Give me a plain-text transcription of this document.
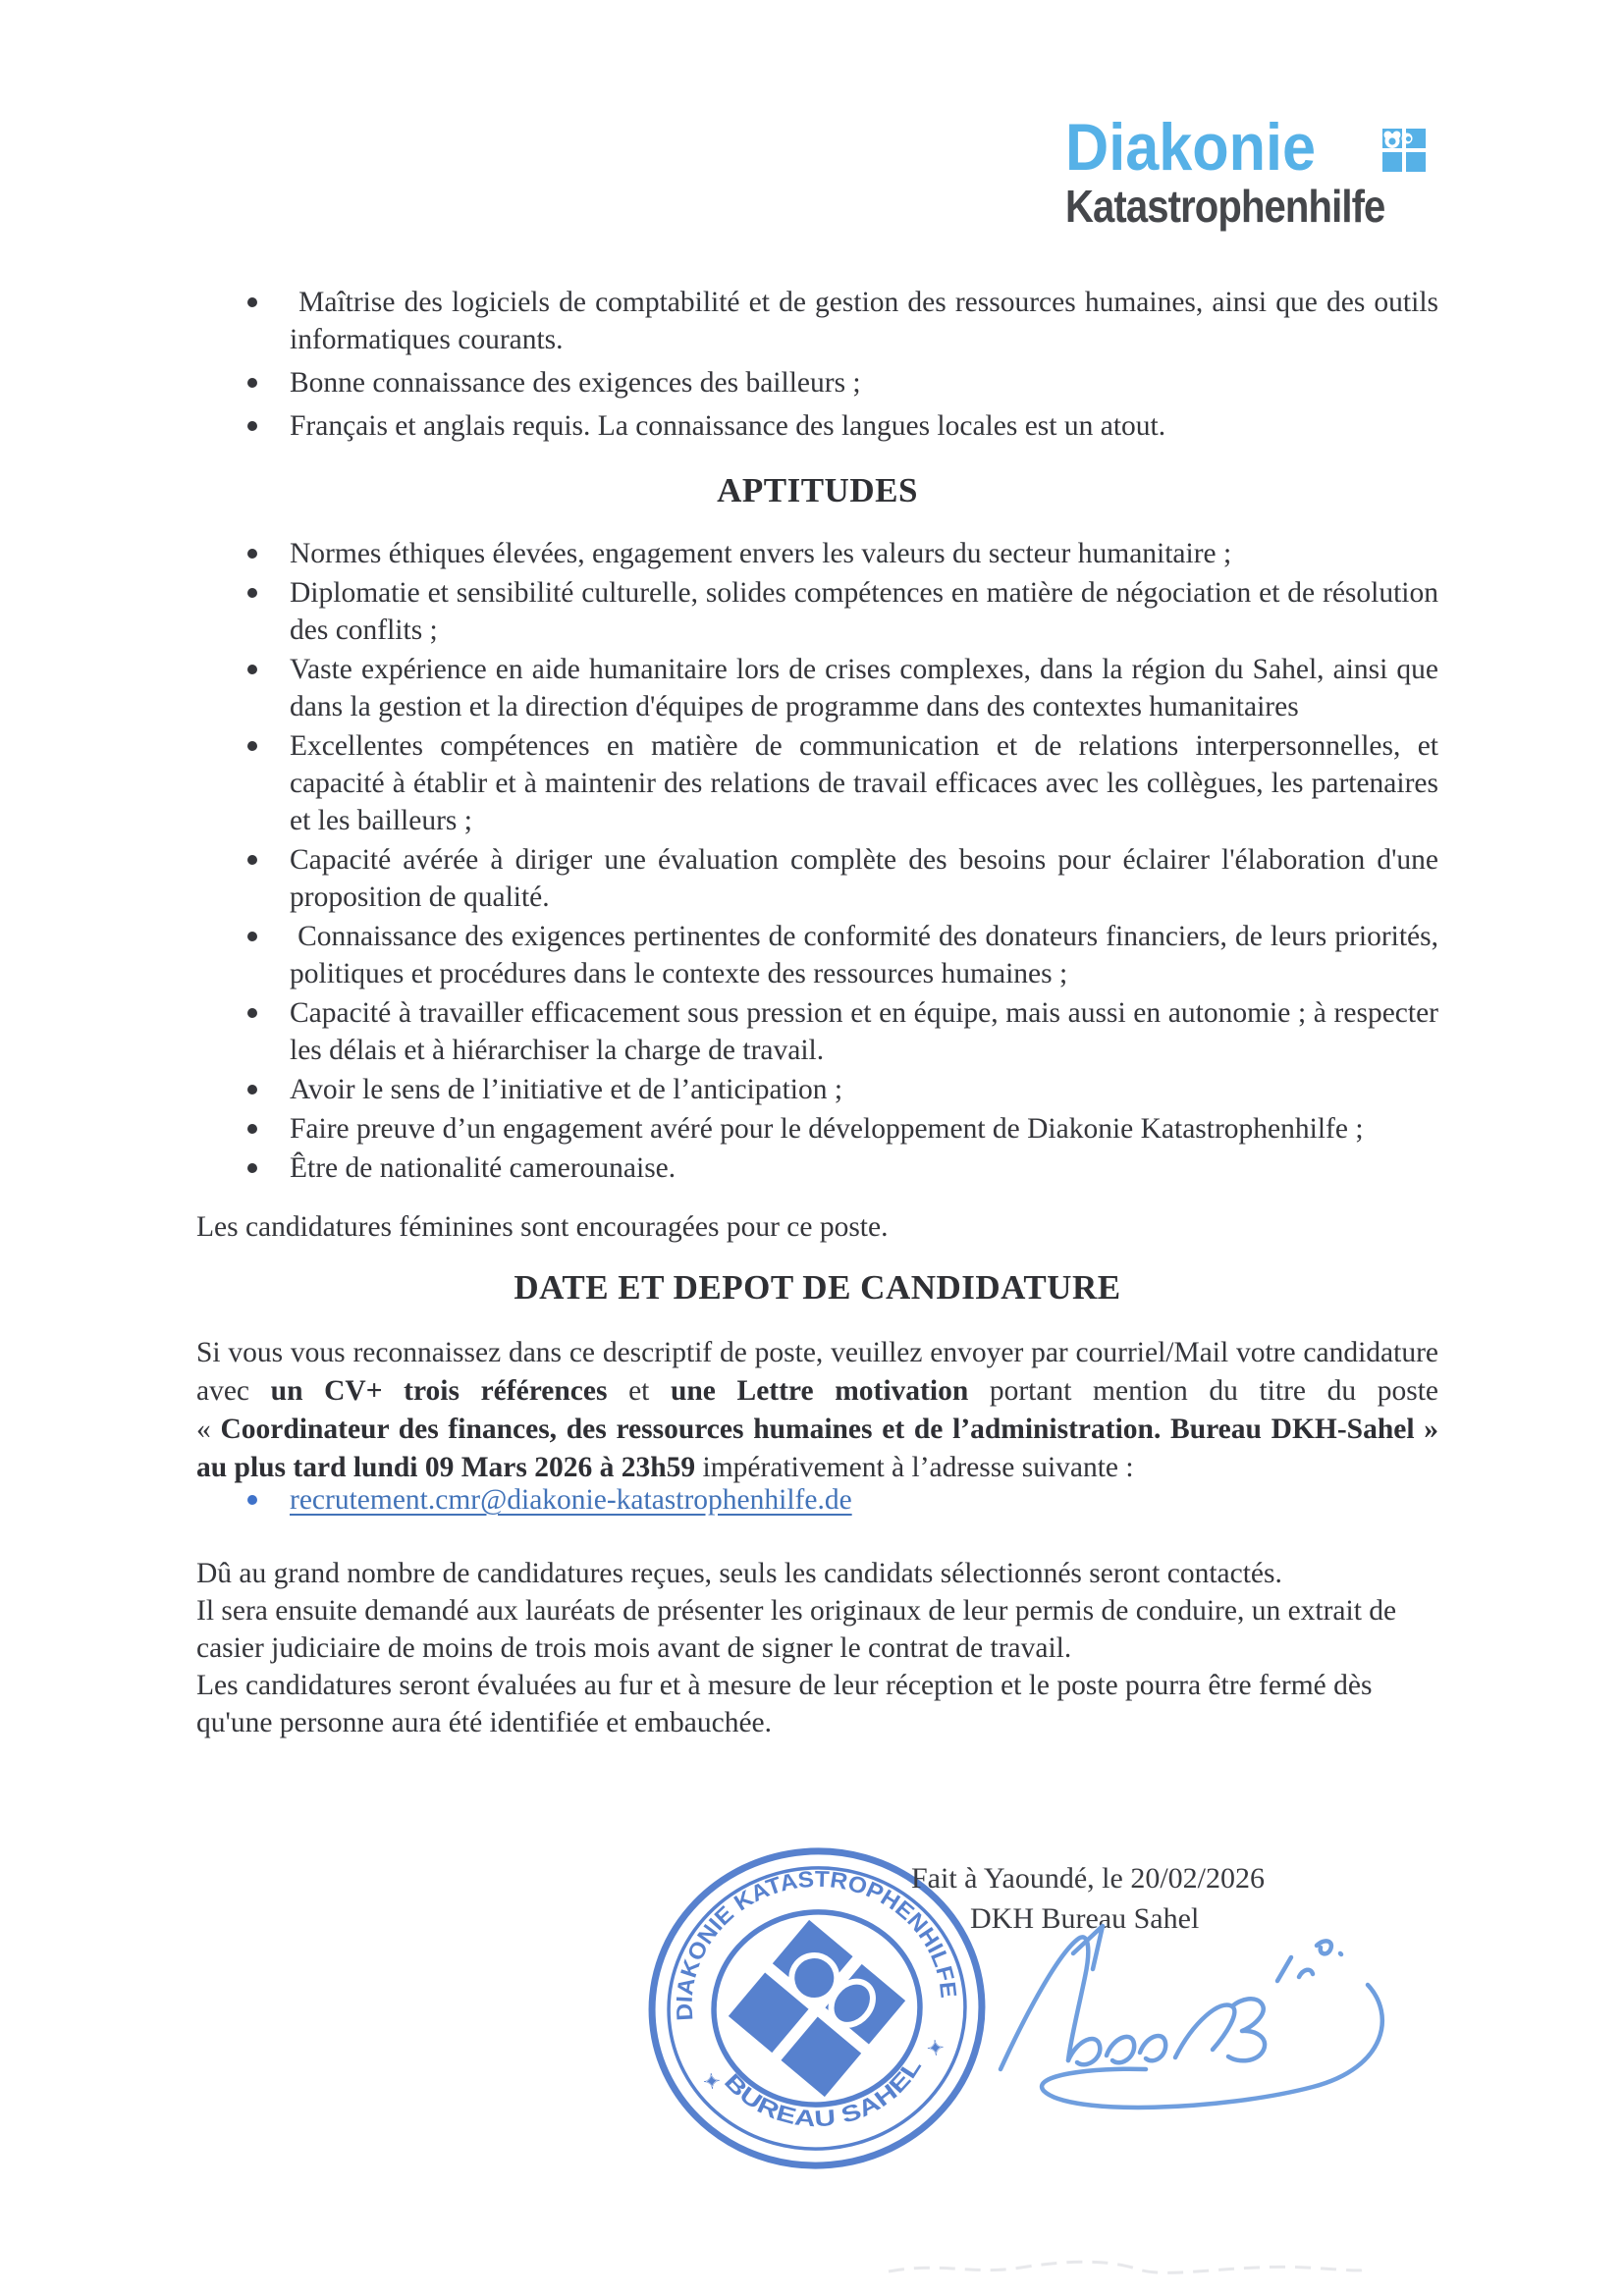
Diakonie
Katastrophenhilfe
Maîtrise des logiciels de comptabilité et de gestion des ressources humaines, ainsi que des outils informatiques courants.
Bonne connaissance des exigences des bailleurs ;
Français et anglais requis. La connaissance des langues locales est un atout.
APTITUDES
Normes éthiques élevées, engagement envers les valeurs du secteur humanitaire ;
Diplomatie et sensibilité culturelle, solides compétences en matière de négociation et de résolution des conflits ;
Vaste expérience en aide humanitaire lors de crises complexes, dans la région du Sahel, ainsi que dans la gestion et la direction d'équipes de programme dans des contextes humanitaires
Excellentes compétences en matière de communication et de relations interpersonnelles, et capacité à établir et à maintenir des relations de travail efficaces avec les collègues, les partenaires et les bailleurs ;
Capacité avérée à diriger une évaluation complète des besoins pour éclairer l'élaboration d'une proposition de qualité.
Connaissance des exigences pertinentes de conformité des donateurs financiers, de leurs priorités, politiques et procédures dans le contexte des ressources humaines ;
Capacité à travailler efficacement sous pression et en équipe, mais aussi en autonomie ; à respecter les délais et à hiérarchiser la charge de travail.
Avoir le sens de l’initiative et de l’anticipation ;
Faire preuve d’un engagement avéré pour le développement de Diakonie Katastrophenhilfe ;
Être de nationalité camerounaise.

Les candidatures féminines sont encouragées pour ce poste.

DATE ET DEPOT DE CANDIDATURE

Si vous vous reconnaissez dans ce descriptif de poste, veuillez envoyer par courriel/Mail votre candidature avec un CV+ trois références et une Lettre motivation portant mention du titre du poste « Coordinateur des finances, des ressources humaines et de l’administration. Bureau DKH-Sahel » au plus tard lundi 09 Mars 2026 à 23h59 impérativement à l’adresse suivante :

recrutement.cmr@diakonie-katastrophenhilfe.de

Dû au grand nombre de candidatures reçues, seuls les candidats sélectionnés seront contactés.

Il sera ensuite demandé aux lauréats de présenter les originaux de leur permis de conduire, un extrait de casier judiciaire de moins de trois mois avant de signer le contrat de travail.

Les candidatures seront évaluées au fur et à mesure de leur réception et le poste pourra être fermé dès qu'une personne aura été identifiée et embauchée.

DIAKONIE KATASTROPHENHILFE
BUREAU SAHEL
✦
✦
Fait à Yaoundé, le 20/02/2026
DKH Bureau Sahel
